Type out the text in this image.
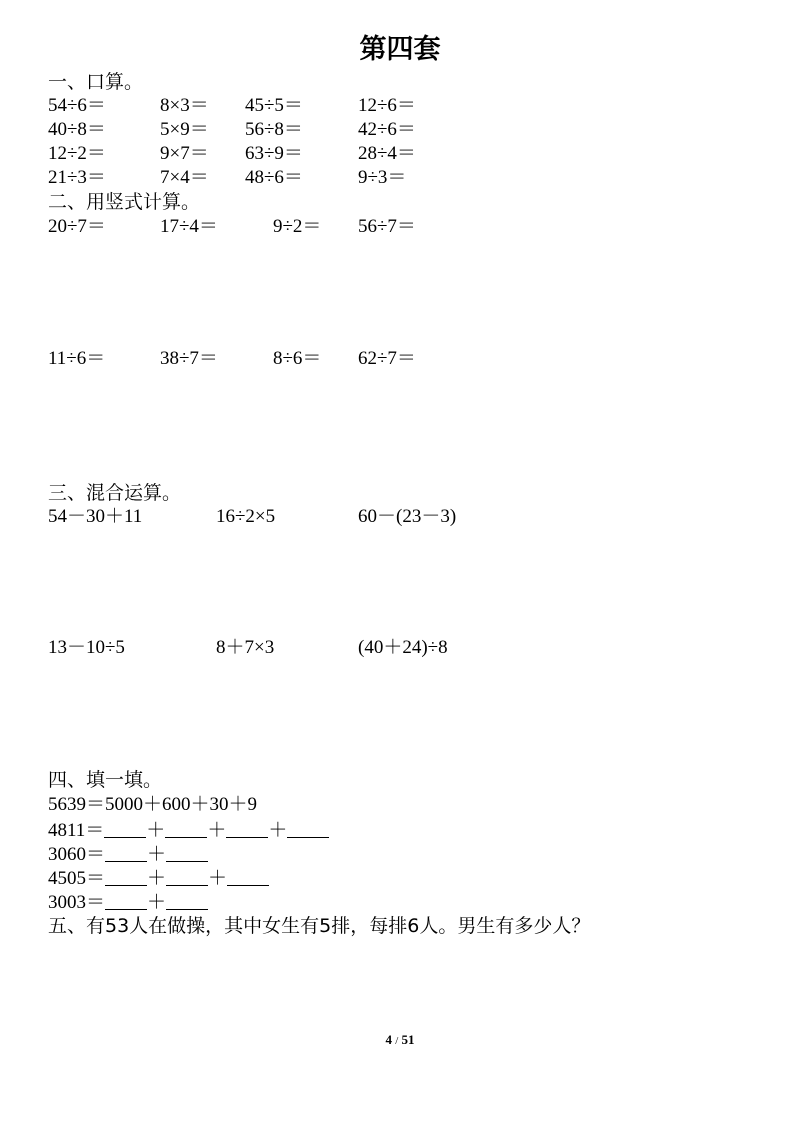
第四套
一、口算。
54÷6＝	8×3＝ 45÷5＝	12÷6＝
40÷8＝	5×9＝ 56÷8＝	42÷6＝
12÷2＝	9×7＝ 63÷9＝	28÷4＝
21÷3＝	7×4＝ 48÷6＝	9÷3＝
二、用竖式计算。
20÷7＝	17÷4＝	9÷2＝ 56÷7＝
11÷6＝	38÷7＝	8÷6＝ 62÷7＝
三、混合运算。
54－30＋11	16÷2×5	60－(23－3)
13－10÷5	8＋7×3	(40＋24)÷8
四、填一填。
5639＝5000＋600＋30＋9
4811＝ ＋ ＋ ＋
3060＝ ＋
4505＝ ＋ ＋
3003＝ ＋
五、有53人在做操，其中女生有5排，每排6人。男生有多少人？
4 / 51
